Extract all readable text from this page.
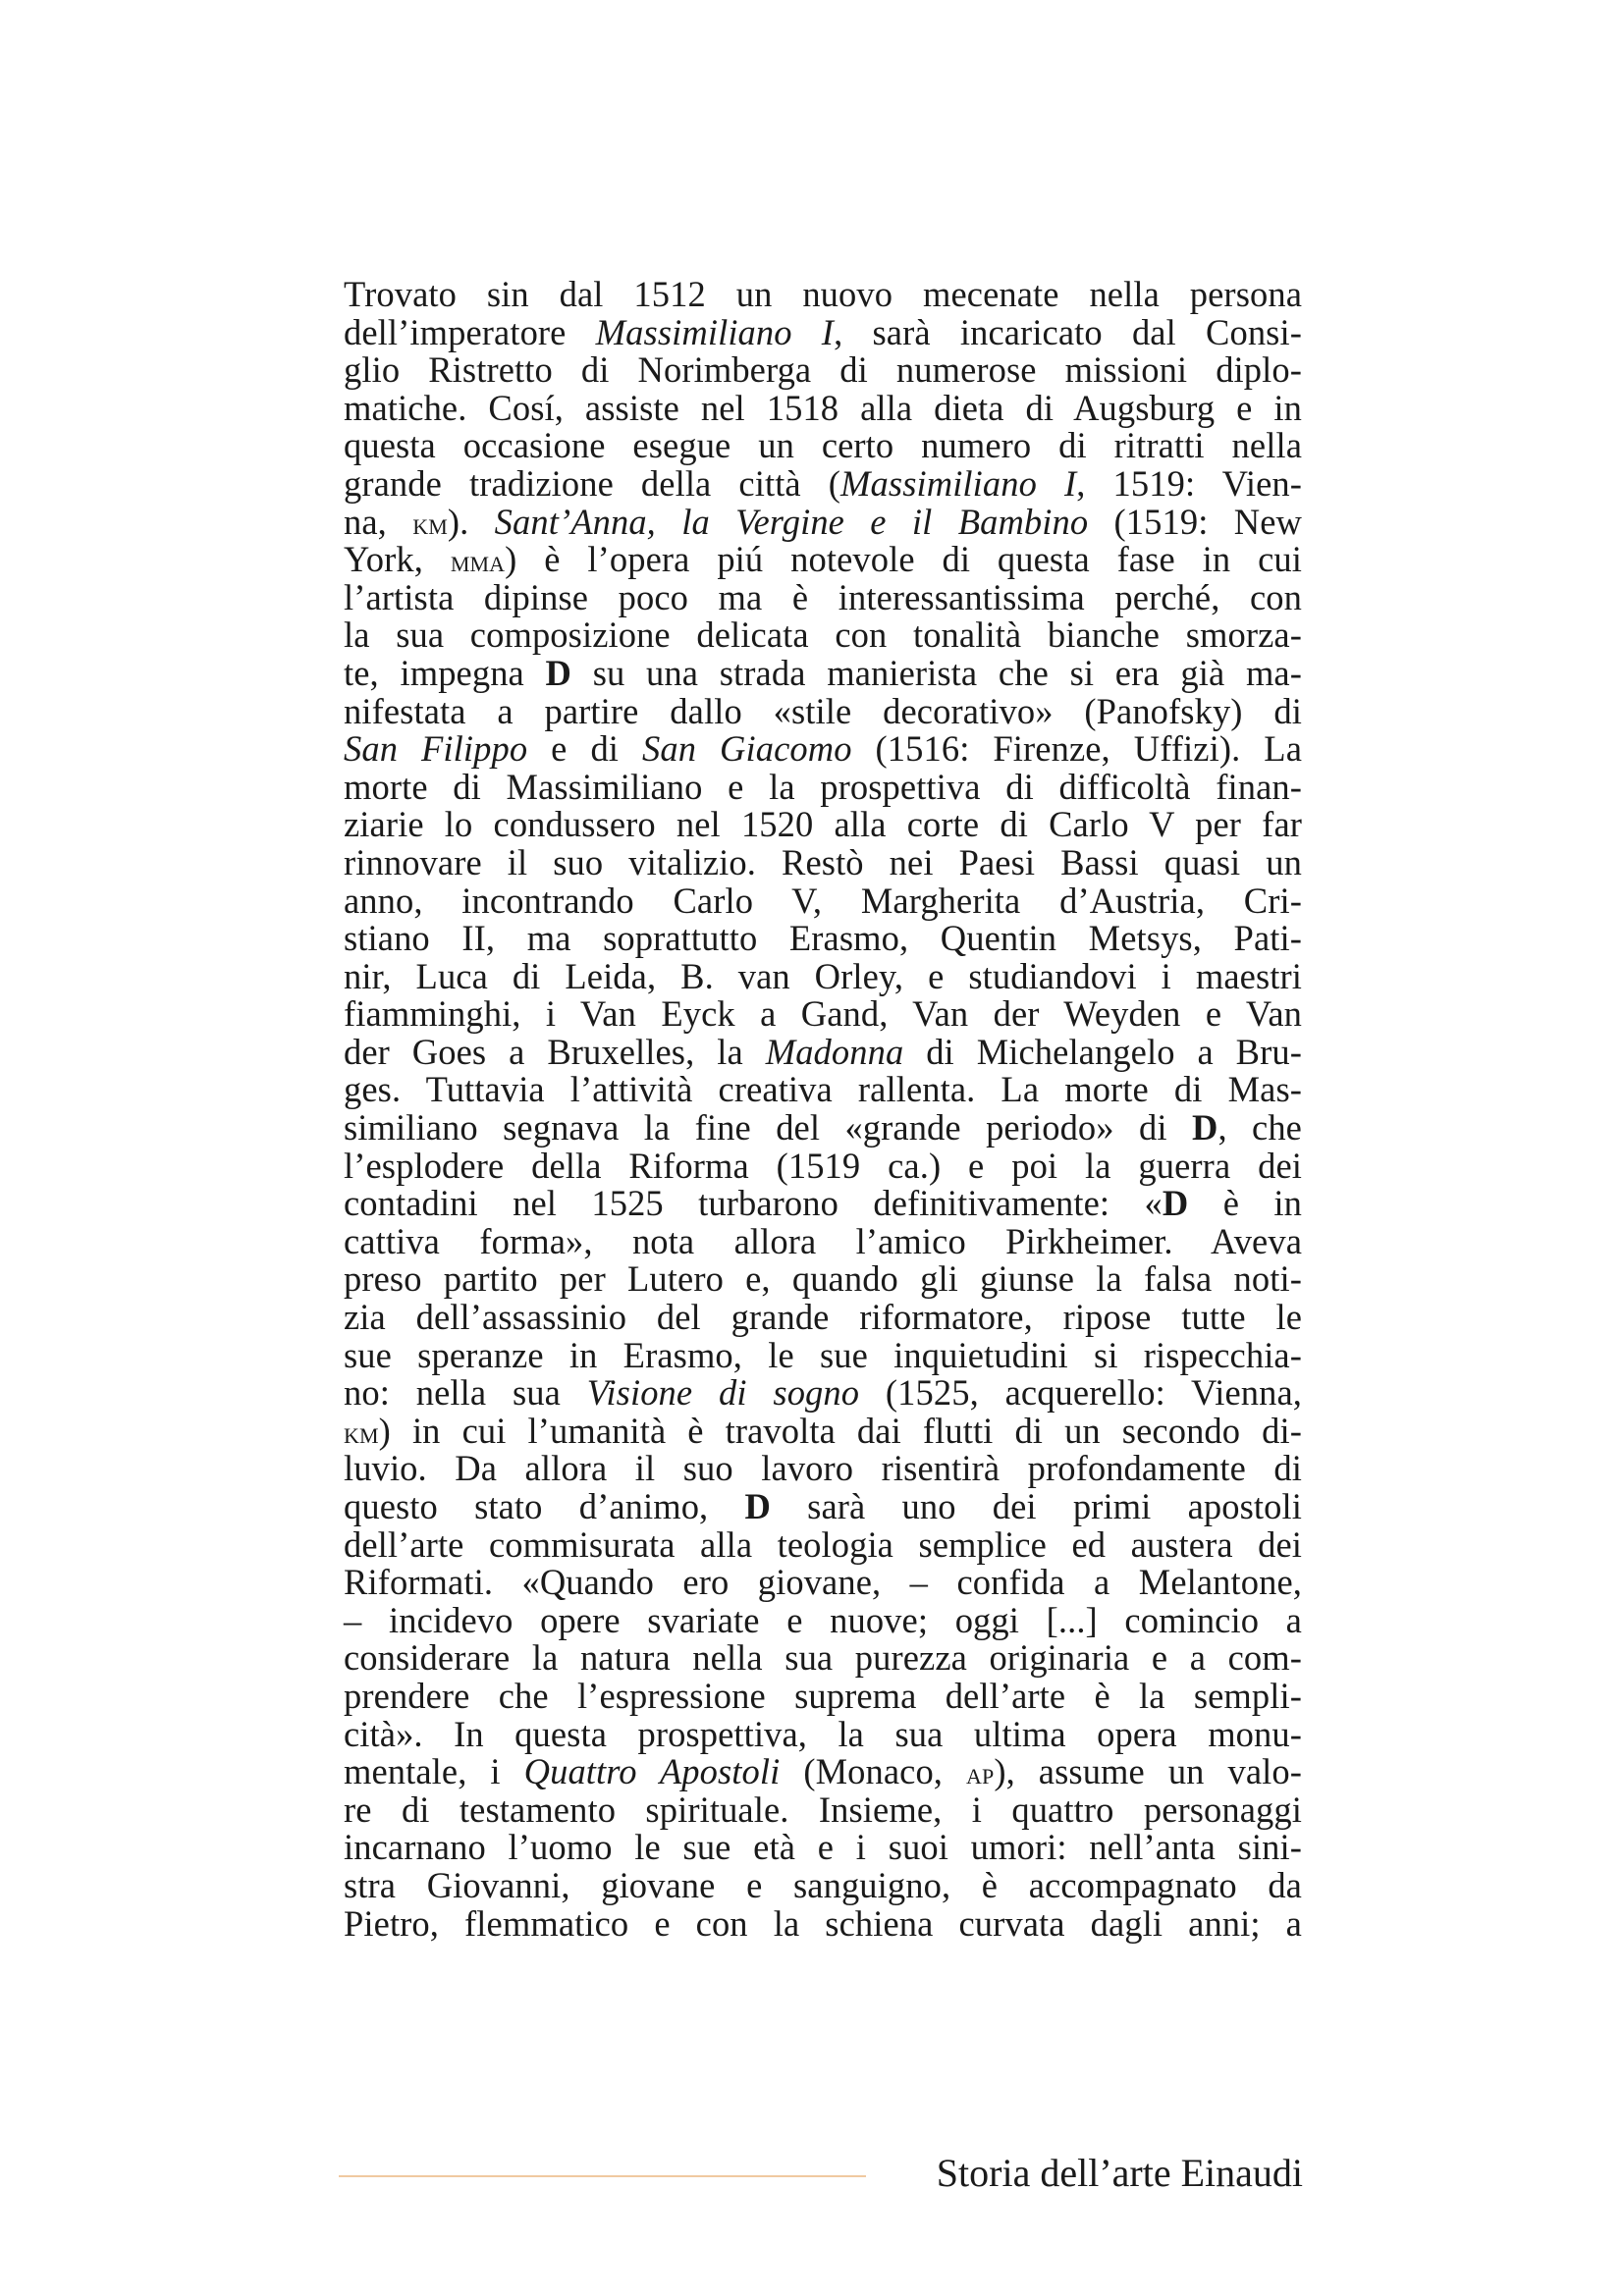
Trovato sin dal 1512 un nuovo mecenate nella persona
dell’imperatore Massimiliano I, sarà incaricato dal Consi-
glio Ristretto di Norimberga di numerose missioni diplo-
matiche. Cosí, assiste nel 1518 alla dieta di Augsburg e in
questa occasione esegue un certo numero di ritratti nella
grande tradizione della città (Massimiliano I, 1519: Vien-
na, km). Sant’Anna, la Vergine e il Bambino (1519: New
York, mma) è l’opera piú notevole di questa fase in cui
l’artista dipinse poco ma è interessantissima perché, con
la sua composizione delicata con tonalità bianche smorza-
te, impegna D su una strada manierista che si era già ma-
nifestata a partire dallo «stile decorativo» (Panofsky) di
San Filippo e di San Giacomo (1516: Firenze, Uffizi). La
morte di Massimiliano e la prospettiva di difficoltà finan-
ziarie lo condussero nel 1520 alla corte di Carlo V per far
rinnovare il suo vitalizio. Restò nei Paesi Bassi quasi un
anno, incontrando Carlo V, Margherita d’Austria, Cri-
stiano II, ma soprattutto Erasmo, Quentin Metsys, Pati-
nir, Luca di Leida, B. van Orley, e studiandovi i maestri
fiamminghi, i Van Eyck a Gand, Van der Weyden e Van
der Goes a Bruxelles, la Madonna di Michelangelo a Bru-
ges. Tuttavia l’attività creativa rallenta. La morte di Mas-
similiano segnava la fine del «grande periodo» di D, che
l’esplodere della Riforma (1519 ca.) e poi la guerra dei
contadini nel 1525 turbarono definitivamente: «D è in
cattiva forma», nota allora l’amico Pirkheimer. Aveva
preso partito per Lutero e, quando gli giunse la falsa noti-
zia dell’assassinio del grande riformatore, ripose tutte le
sue speranze in Erasmo, le sue inquietudini si rispecchia-
no: nella sua Visione di sogno (1525, acquerello: Vienna,
km) in cui l’umanità è travolta dai flutti di un secondo di-
luvio. Da allora il suo lavoro risentirà profondamente di
questo stato d’animo, D sarà uno dei primi apostoli
dell’arte commisurata alla teologia semplice ed austera dei
Riformati. «Quando ero giovane, – confida a Melantone,
– incidevo opere svariate e nuove; oggi [...] comincio a
considerare la natura nella sua purezza originaria e a com-
prendere che l’espressione suprema dell’arte è la sempli-
cità». In questa prospettiva, la sua ultima opera monu-
mentale, i Quattro Apostoli (Monaco, ap), assume un valo-
re di testamento spirituale. Insieme, i quattro personaggi
incarnano l’uomo le sue età e i suoi umori: nell’anta sini-
stra Giovanni, giovane e sanguigno, è accompagnato da
Pietro, flemmatico e con la schiena curvata dagli anni; a
Storia dell’arte Einaudi
